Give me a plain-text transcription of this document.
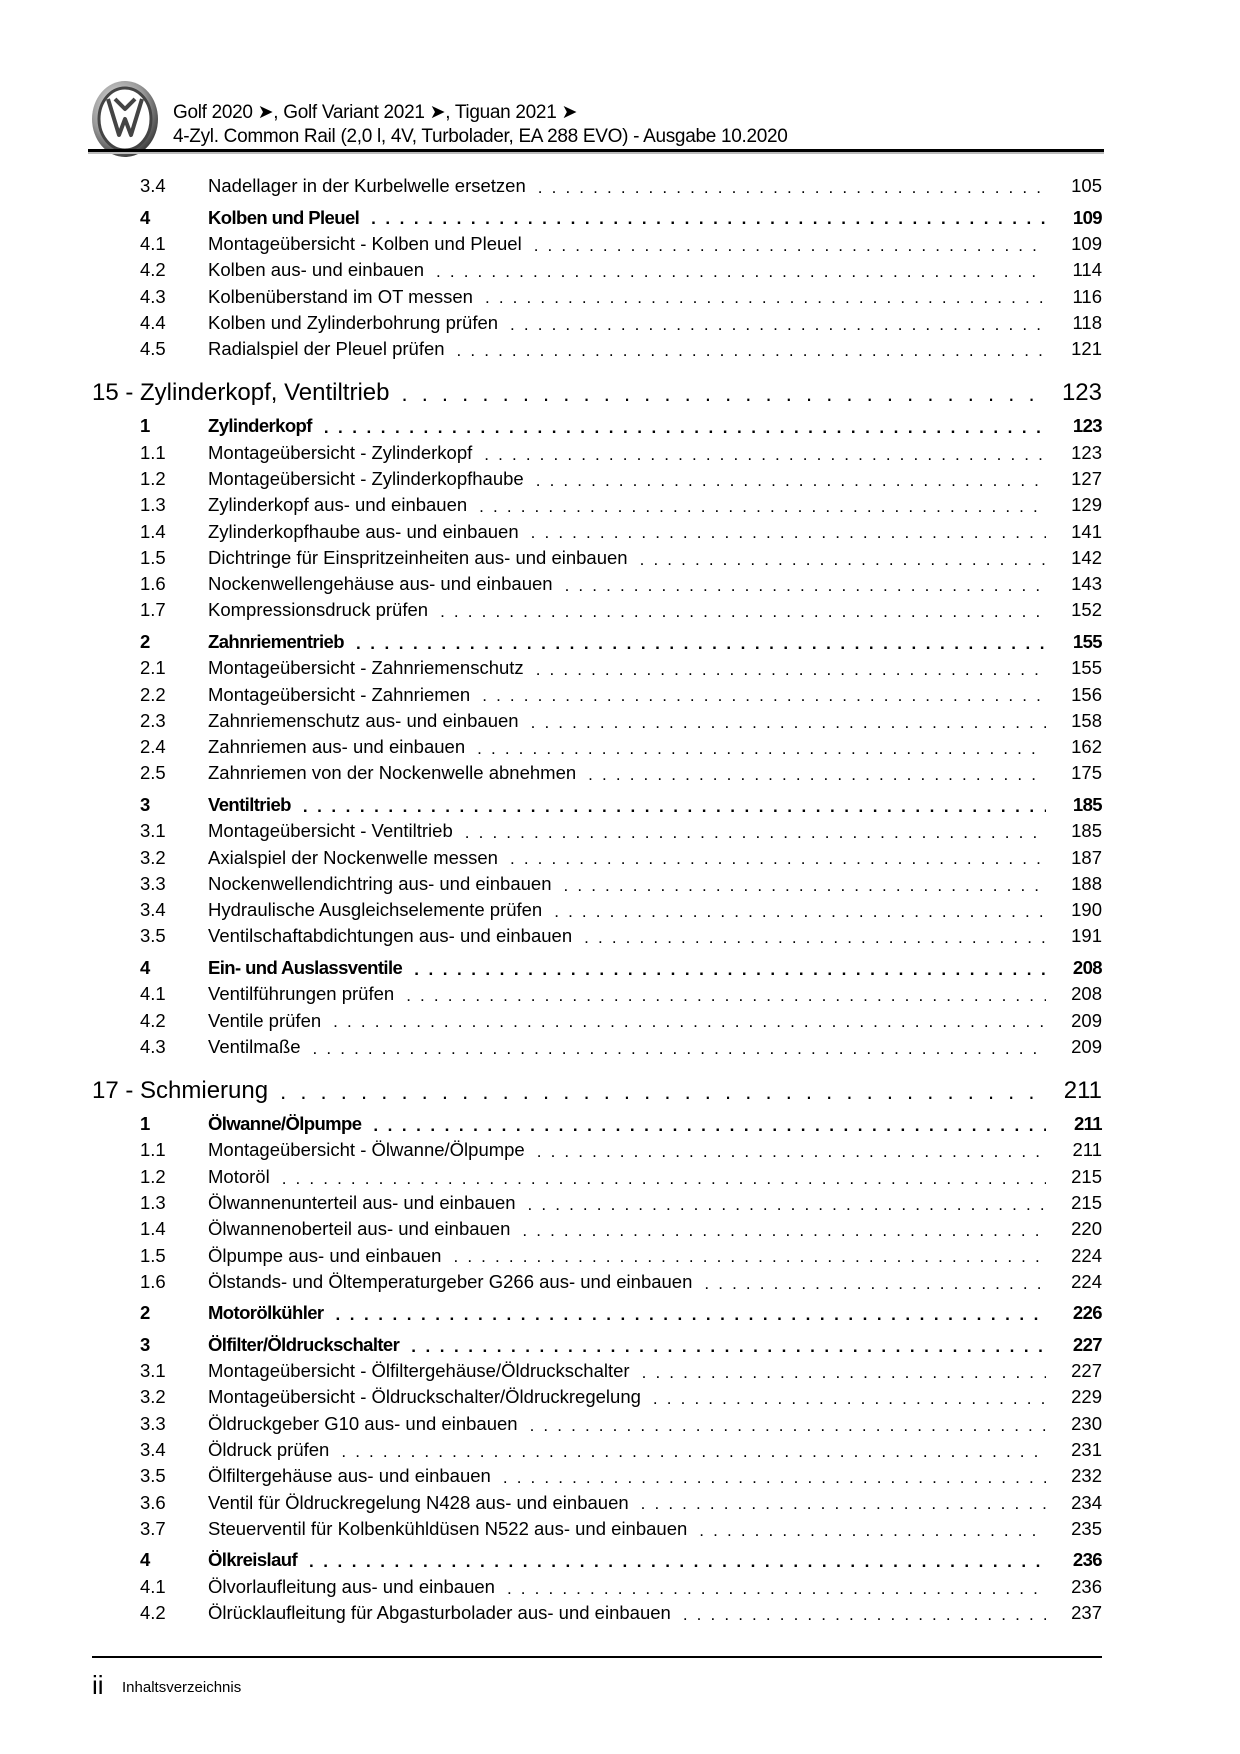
Golf 2020 ➤, Golf Variant 2021 ➤, Tiguan 2021 ➤
4-Zyl. Common Rail (2,0 l, 4V, Turbolader, EA 288 EVO) - Ausgabe 10.2020
3.4 Nadellager in der Kurbelwelle ersetzen . . .	105
4	Kolben und Pleuel . . .	109
4.1 Montageübersicht - Kolben und Pleuel . . .	109
4.2 Kolben aus- und einbauen . . .	114
4.3 Kolbenüberstand im OT messen . . .	116
4.4 Kolben und Zylinderbohrung prüfen . . .	118
4.5 Radialspiel der Pleuel prüfen . . .	121
15 - Zylinderkopf, Ventiltrieb . . .	123
1	Zylinderkopf . . .	123
1.1 Montageübersicht - Zylinderkopf . . .	123
1.2 Montageübersicht - Zylinderkopfhaube . . .	127
1.3 Zylinderkopf aus- und einbauen . . .	129
1.4 Zylinderkopfhaube aus- und einbauen . . .	141
1.5 Dichtringe für Einspritzeinheiten aus- und einbauen . . .	142
1.6 Nockenwellengehäuse aus- und einbauen . . .	143
1.7 Kompressionsdruck prüfen . . .	152
2	Zahnriementrieb . . .	155
2.1 Montageübersicht - Zahnriemenschutz . . .	155
2.2 Montageübersicht - Zahnriemen . . .	156
2.3 Zahnriemenschutz aus- und einbauen . . .	158
2.4 Zahnriemen aus- und einbauen . . .	162
2.5 Zahnriemen von der Nockenwelle abnehmen . . .	175
3	Ventiltrieb . . .	185
3.1 Montageübersicht - Ventiltrieb . . .	185
3.2 Axialspiel der Nockenwelle messen . . .	187
3.3 Nockenwellendichtring aus- und einbauen . . .	188
3.4 Hydraulische Ausgleichselemente prüfen . . .	190
3.5 Ventilschaftabdichtungen aus- und einbauen . . .	191
4	Ein- und Auslassventile . . .	208
4.1 Ventilführungen prüfen . . .	208
4.2 Ventile prüfen . . .	209
4.3 Ventilmaße . . .	209
17 - Schmierung . . .	211
1	Ölwanne/Ölpumpe . . .	211
1.1 Montageübersicht - Ölwanne/Ölpumpe . . .	211
1.2 Motoröl . . .	215
1.3 Ölwannenunterteil aus- und einbauen . . .	215
1.4 Ölwannenoberteil aus- und einbauen . . .	220
1.5 Ölpumpe aus- und einbauen . . .	224
1.6 Ölstands- und Öltemperaturgeber G266 aus- und einbauen . . .	224
2	Motorölkühler . . .	226
3	Ölfilter/Öldruckschalter . . .	227
3.1 Montageübersicht - Ölfiltergehäuse/Öldruckschalter . . .	227
3.2 Montageübersicht - Öldruckschalter/Öldruckregelung . . .	229
3.3 Öldruckgeber G10 aus- und einbauen . . .	230
3.4 Öldruck prüfen . . .	231
3.5 Ölfiltergehäuse aus- und einbauen . . .	232
3.6 Ventil für Öldruckregelung N428 aus- und einbauen . . .	234
3.7 Steuerventil für Kolbenkühldüsen N522 aus- und einbauen . . .	235
4	Ölkreislauf . . .	236
4.1 Ölvorlaufleitung aus- und einbauen . . .	236
4.2 Ölrücklaufleitung für Abgasturbolader aus- und einbauen . . .	237
ii Inhaltsverzeichnis
